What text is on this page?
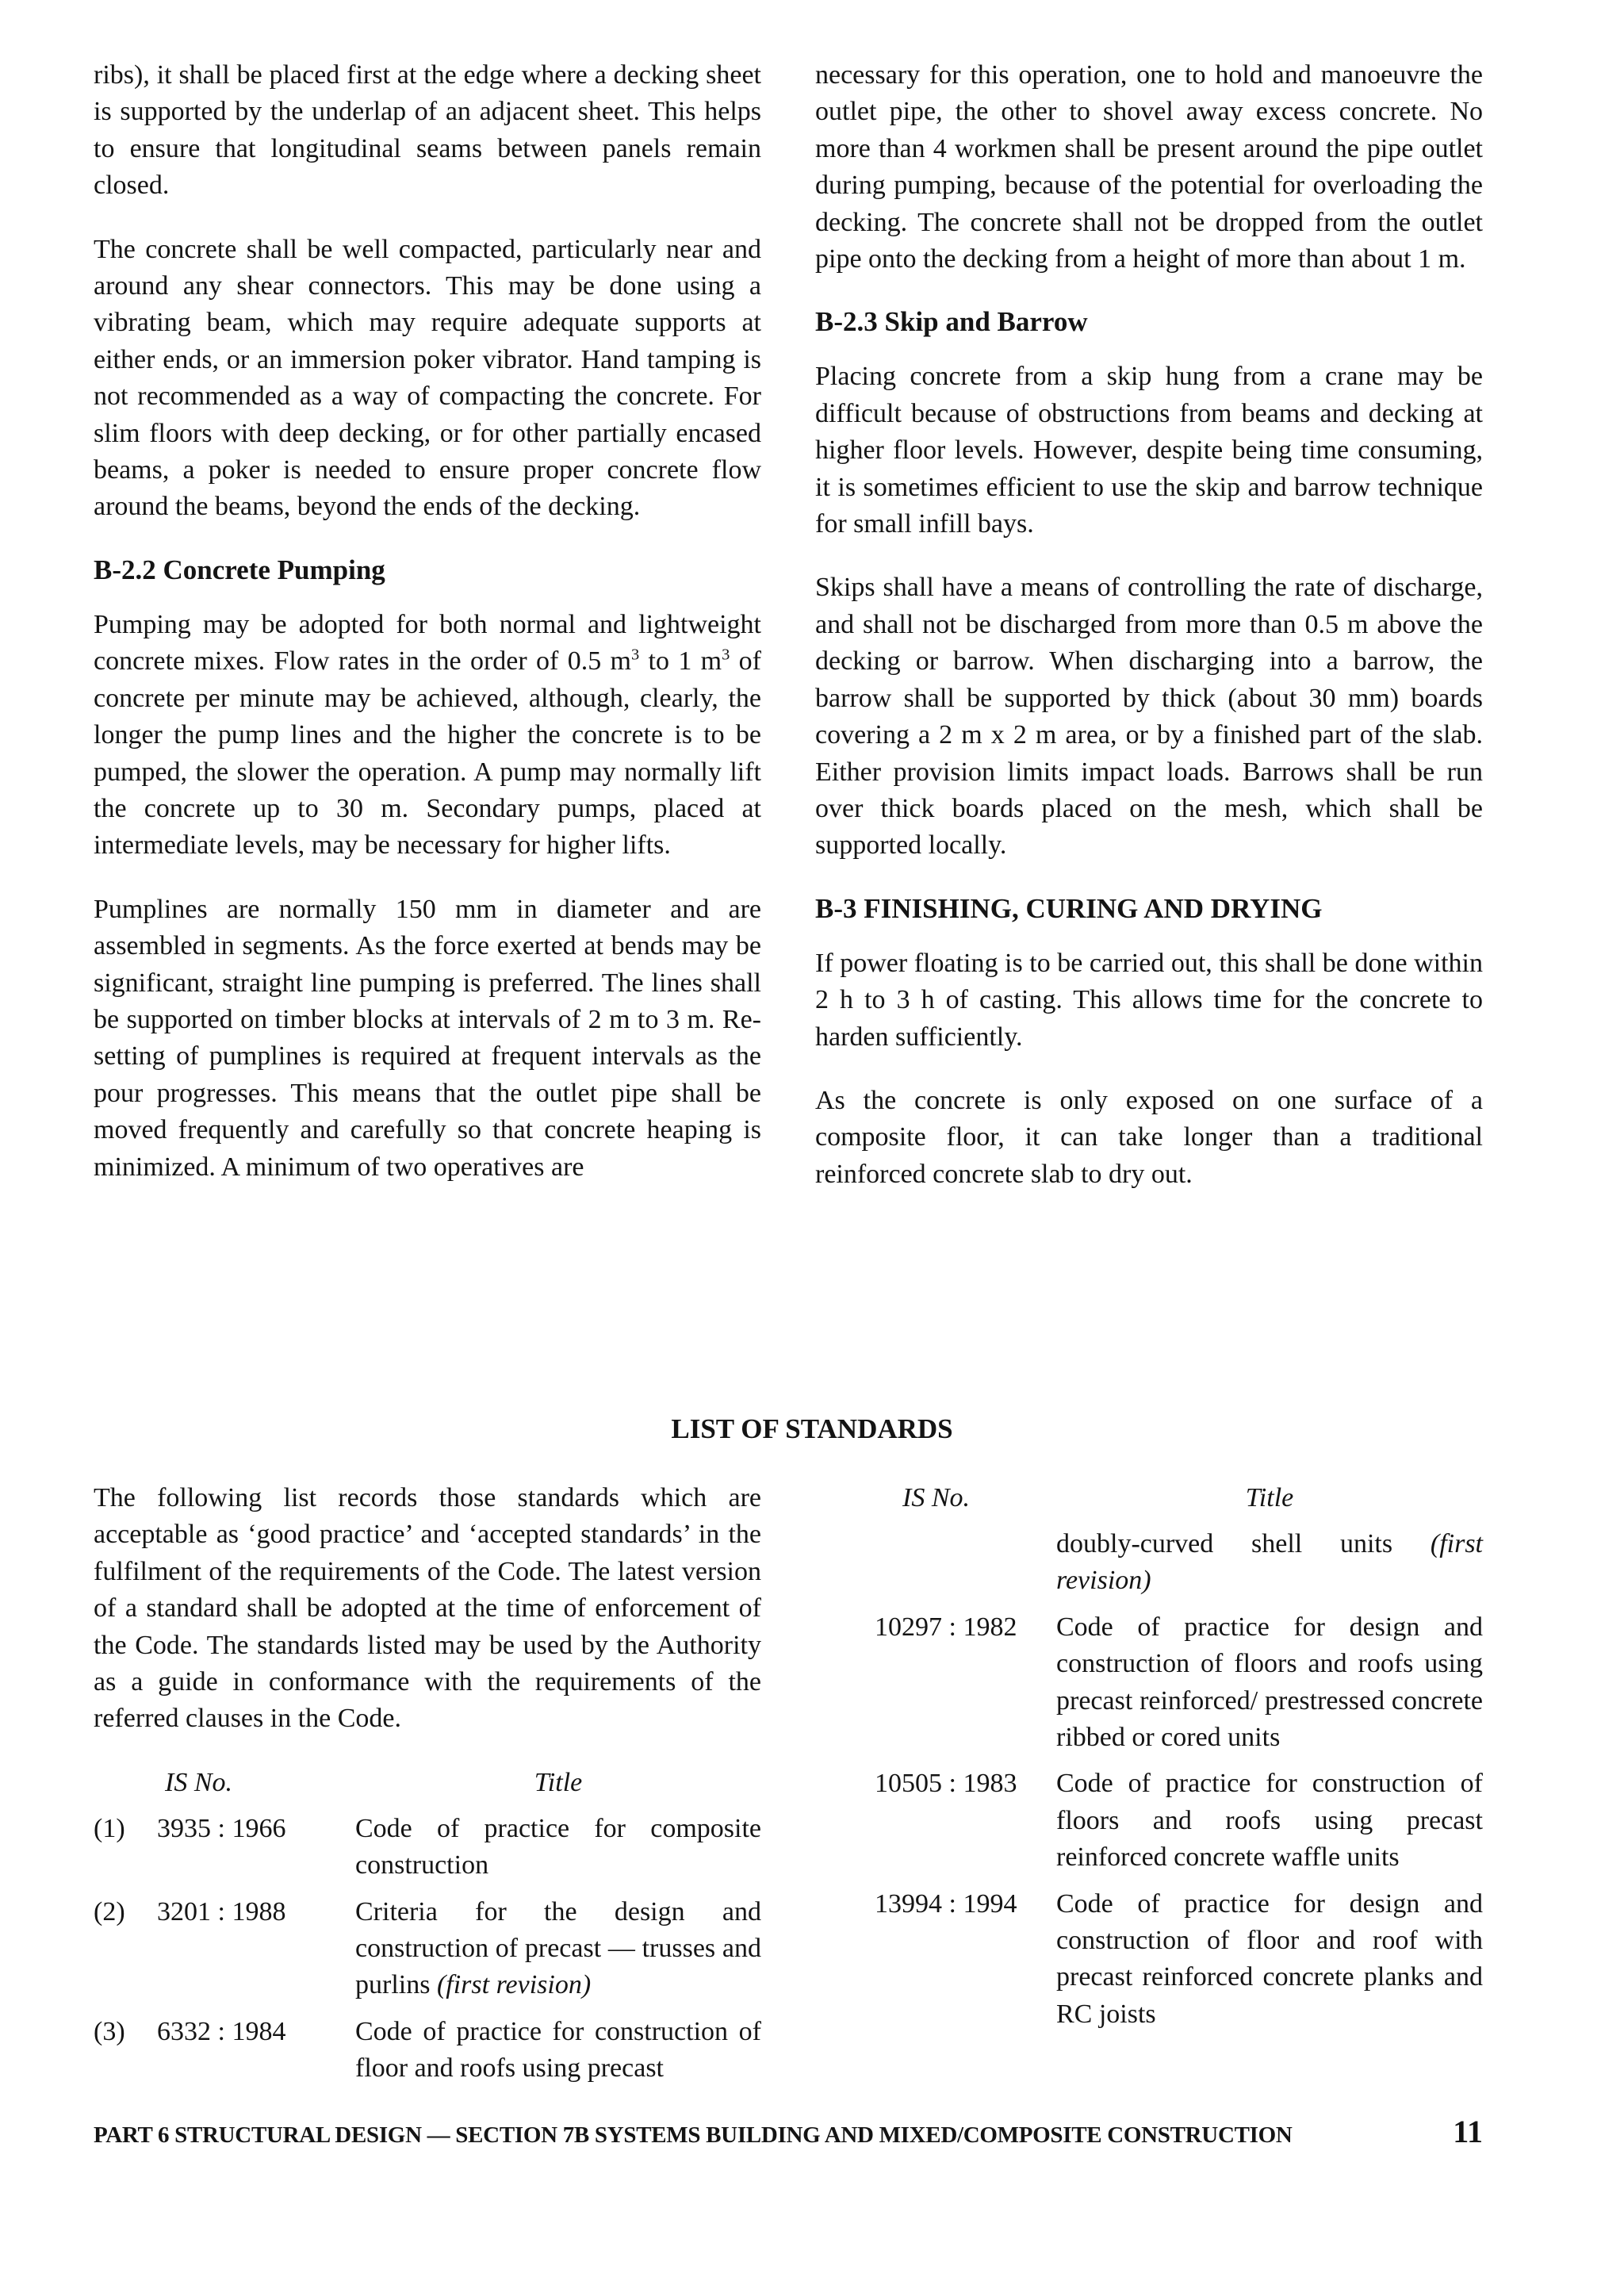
ribs), it shall be placed first at the edge where a decking sheet is supported by the underlap of an adjacent sheet. This helps to ensure that longitudinal seams between panels remain closed.

The concrete shall be well compacted, particularly near and around any shear connectors. This may be done using a vibrating beam, which may require adequate supports at either ends, or an immersion poker vibrator. Hand tamping is not recommended as a way of compacting the concrete. For slim floors with deep decking, or for other partially encased beams, a poker is needed to ensure proper concrete flow around the beams, beyond the ends of the decking.

B-2.2 Concrete Pumping

Pumping may be adopted for both normal and lightweight concrete mixes. Flow rates in the order of 0.5 $m^3$ to 1 $m^3$ of concrete per minute may be achieved, although, clearly, the longer the pump lines and the higher the concrete is to be pumped, the slower the operation. A pump may normally lift the concrete up to 30 m. Secondary pumps, placed at intermediate levels, may be necessary for higher lifts.

Pumplines are normally 150 mm in diameter and are assembled in segments. As the force exerted at bends may be significant, straight line pumping is preferred. The lines shall be supported on timber blocks at intervals of 2 m to 3 m. Re-setting of pumplines is required at frequent intervals as the pour progresses. This means that the outlet pipe shall be moved frequently and carefully so that concrete heaping is minimized. A minimum of two operatives are

necessary for this operation, one to hold and manoeuvre the outlet pipe, the other to shovel away excess concrete. No more than 4 workmen shall be present around the pipe outlet during pumping, because of the potential for overloading the decking. The concrete shall not be dropped from the outlet pipe onto the decking from a height of more than about 1 m.

B-2.3 Skip and Barrow

Placing concrete from a skip hung from a crane may be difficult because of obstructions from beams and decking at higher floor levels. However, despite being time consuming, it is sometimes efficient to use the skip and barrow technique for small infill bays.

Skips shall have a means of controlling the rate of discharge, and shall not be discharged from more than 0.5 m above the decking or barrow. When discharging into a barrow, the barrow shall be supported by thick (about 30 mm) boards covering a 2 m x 2 m area, or by a finished part of the slab. Either provision limits impact loads. Barrows shall be run over thick boards placed on the mesh, which shall be supported locally.

B-3 FINISHING, CURING AND DRYING

If power floating is to be carried out, this shall be done within 2 h to 3 h of casting. This allows time for the concrete to harden sufficiently.

As the concrete is only exposed on one surface of a composite floor, it can take longer than a traditional reinforced concrete slab to dry out.

LIST OF STANDARDS

The following list records those standards which are acceptable as ‘good practice’ and ‘accepted standards’ in the fulfilment of the requirements of the Code. The latest version of a standard shall be adopted at the time of enforcement of the Code. The standards listed may be used by the Authority as a guide in conformance with the requirements of the referred clauses in the Code.

IS No.	Title
(1)	3935 : 1966	Code of practice for composite construction
(2)	3201 : 1988	Criteria for the design and construction of precast — trusses and purlins (first revision)
(3)	6332 : 1984	Code of practice for construction of floor and roofs using precast
IS No.	Title
doubly-curved shell units (first revision)
10297 : 1982	Code of practice for design and construction of floors and roofs using precast reinforced/ prestressed concrete ribbed or cored units
10505 : 1983	Code of practice for construction of floors and roofs using precast reinforced concrete waffle units
13994 : 1994	Code of practice for design and construction of floor and roof with precast reinforced concrete planks and RC joists
PART 6 STRUCTURAL DESIGN — SECTION 7B SYSTEMS BUILDING AND MIXED/COMPOSITE CONSTRUCTION	11
